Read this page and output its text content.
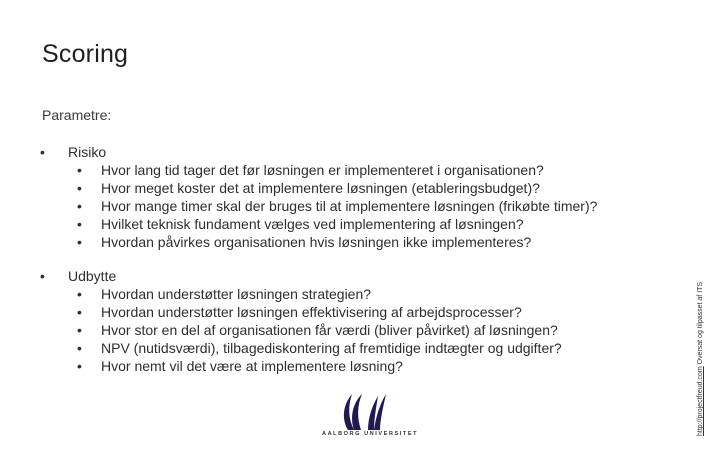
Scoring
Parametre:
•	Risiko
•	Hvor lang tid tager det før løsningen er implementeret i organisationen?
•	Hvor meget koster det at implementere løsningen (etableringsbudget)?
•	Hvor mange timer skal der bruges til at implementere løsningen (frikøbte timer)?
•	Hvilket teknisk fundament vælges ved implementering af løsningen?
•	Hvordan påvirkes organisationen hvis løsningen ikke implementeres?
•	Udbytte
•	Hvordan understøtter løsningen strategien?
•	Hvordan understøtter løsningen effektivisering af arbejdsprocesser?
•	Hvor stor en del af organisationen får værdi (bliver påvirket) af løsningen?
•	NPV (nutidsværdi), tilbagediskontering af fremtidige indtægter og udgifter?
•	Hvor nemt vil det være at implementere løsning?
http://projectfreud.com Oversat og tilpasset af ITS
AALBORG UNIVERSITET
